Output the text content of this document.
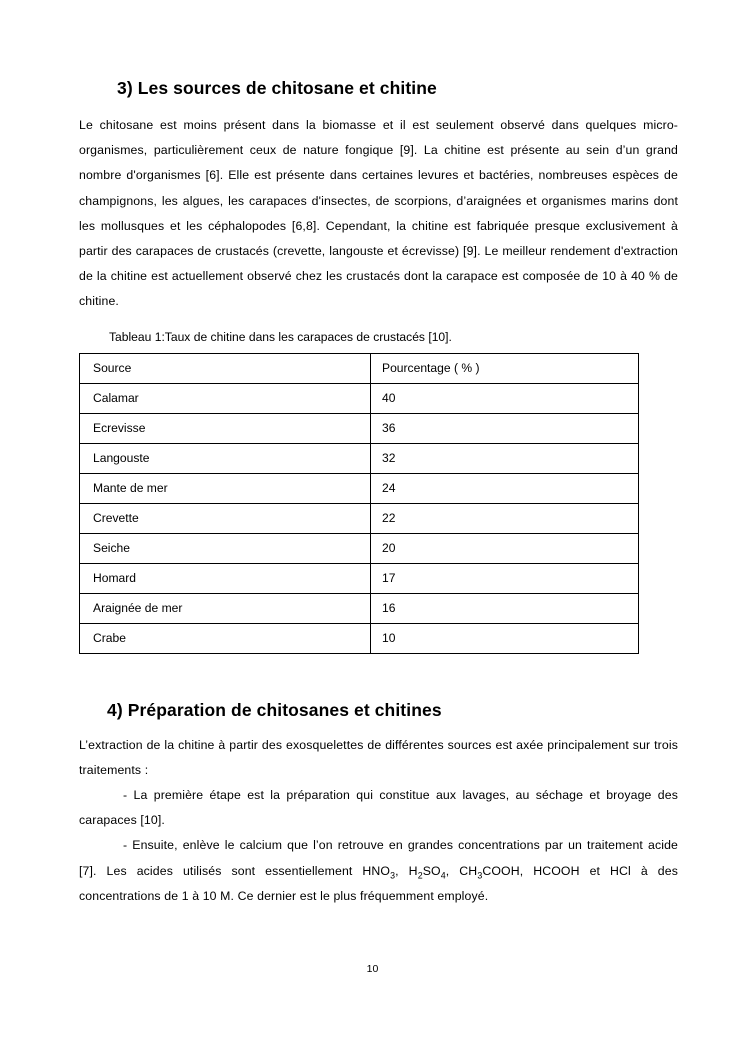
3) Les sources de chitosane et chitine

Le chitosane est moins présent dans la biomasse et il est seulement observé dans quelques micro-organismes, particulièrement ceux de nature fongique [9]. La chitine est présente au sein d’un grand nombre d'organismes [6]. Elle est présente dans certaines levures et bactéries, nombreuses espèces de champignons, les algues, les carapaces d'insectes, de scorpions, d’araignées et organismes marins dont les mollusques et les céphalopodes [6,8]. Cependant, la chitine est fabriquée presque exclusivement à partir des carapaces de crustacés (crevette, langouste et écrevisse) [9]. Le meilleur rendement d'extraction de la chitine est actuellement observé chez les crustacés dont la carapace est composée de 10 à 40 % de chitine.

Tableau 1:Taux de chitine dans les carapaces de crustacés [10].
Source	Pourcentage ( % )
Calamar	40
Ecrevisse	36
Langouste	32
Mante de mer	24
Crevette	22
Seiche	20
Homard	17
Araignée de mer	16
Crabe	10
4) Préparation de chitosanes et chitines

L’extraction de la chitine à partir des exosquelettes de différentes sources est axée principalement sur trois traitements :

- La première étape est la préparation qui constitue aux lavages, au séchage et broyage des carapaces [10].

- Ensuite, enlève le calcium que l’on retrouve en grandes concentrations par un traitement acide [7]. Les acides utilisés sont essentiellement $HNO_3$, $H_2SO_4$, $CH_3COOH$, HCOOH et HCl à des concentrations de 1 à 10 M. Ce dernier est le plus fréquemment employé.

10
